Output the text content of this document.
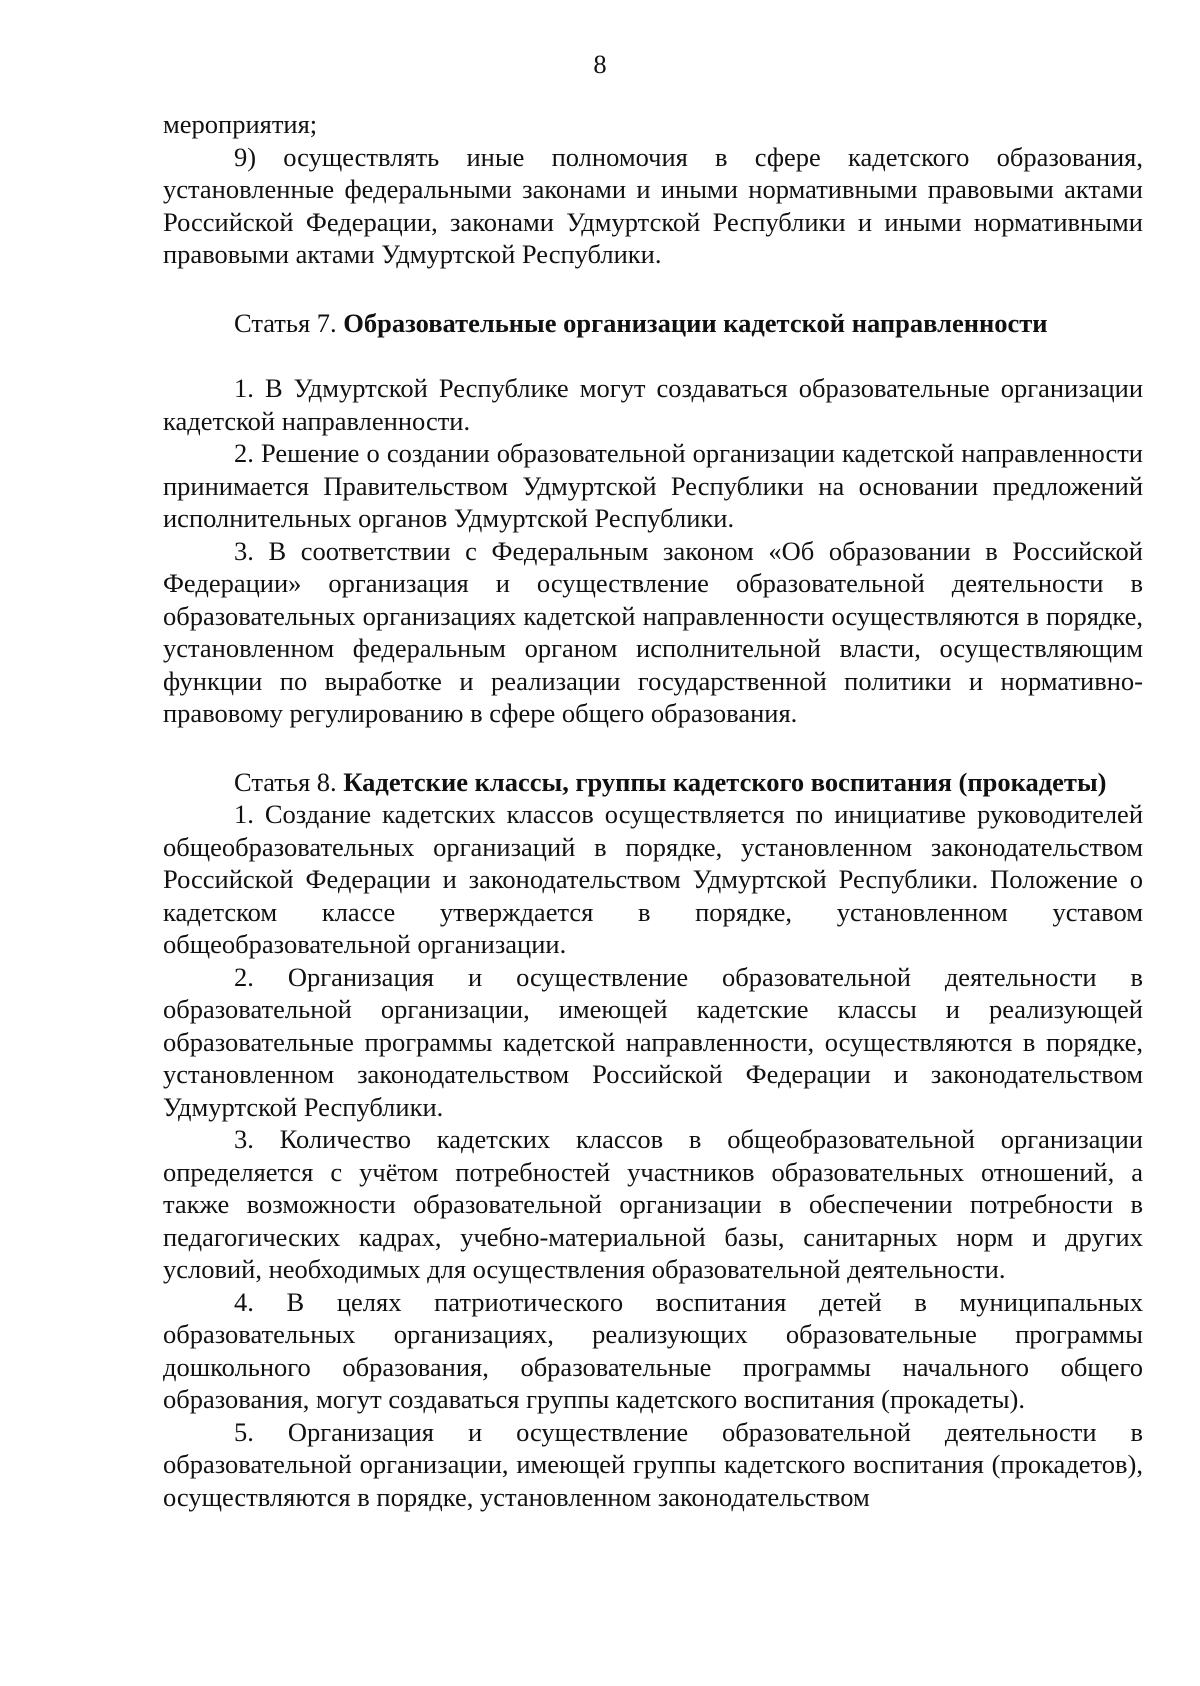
8

мероприятия;

9) осуществлять иные полномочия в сфере кадетского образования, установленные федеральными законами и иными нормативными правовыми актами Российской Федерации, законами Удмуртской Республики и иными нормативными правовыми актами Удмуртской Республики.

Статья 7. Образовательные организации кадетской направленности

1. В Удмуртской Республике могут создаваться образовательные организации кадетской направленности.

2. Решение о создании образовательной организации кадетской направленности принимается Правительством Удмуртской Республики на основании предложений исполнительных органов Удмуртской Республики.

3. В соответствии с Федеральным законом «Об образовании в Российской Федерации» организация и осуществление образовательной деятельности в образовательных организациях кадетской направленности осуществляются в порядке, установленном федеральным органом исполнительной власти, осуществляющим функции по выработке и реализации государственной политики и нормативно-правовому регулированию в сфере общего образования.

Статья 8. Кадетские классы, группы кадетского воспитания (прокадеты)

1. Создание кадетских классов осуществляется по инициативе руководителей общеобразовательных организаций в порядке, установленном законодательством Российской Федерации и законодательством Удмуртской Республики. Положение о кадетском классе утверждается в порядке, установленном уставом общеобразовательной организации.

2. Организация и осуществление образовательной деятельности в образовательной организации, имеющей кадетские классы и реализующей образовательные программы кадетской направленности, осуществляются в порядке, установленном законодательством Российской Федерации и законодательством Удмуртской Республики.

3. Количество кадетских классов в общеобразовательной организации определяется с учётом потребностей участников образовательных отношений, а также возможности образовательной организации в обеспечении потребности в педагогических кадрах, учебно-материальной базы, санитарных норм и других условий, необходимых для осуществления образовательной деятельности.

4. В целях патриотического воспитания детей в муниципальных образовательных организациях, реализующих образовательные программы дошкольного образования, образовательные программы начального общего образования, могут создаваться группы кадетского воспитания (прокадеты).

5. Организация и осуществление образовательной деятельности в образовательной организации, имеющей группы кадетского воспитания (прокадетов), осуществляются в порядке, установленном законодательством
